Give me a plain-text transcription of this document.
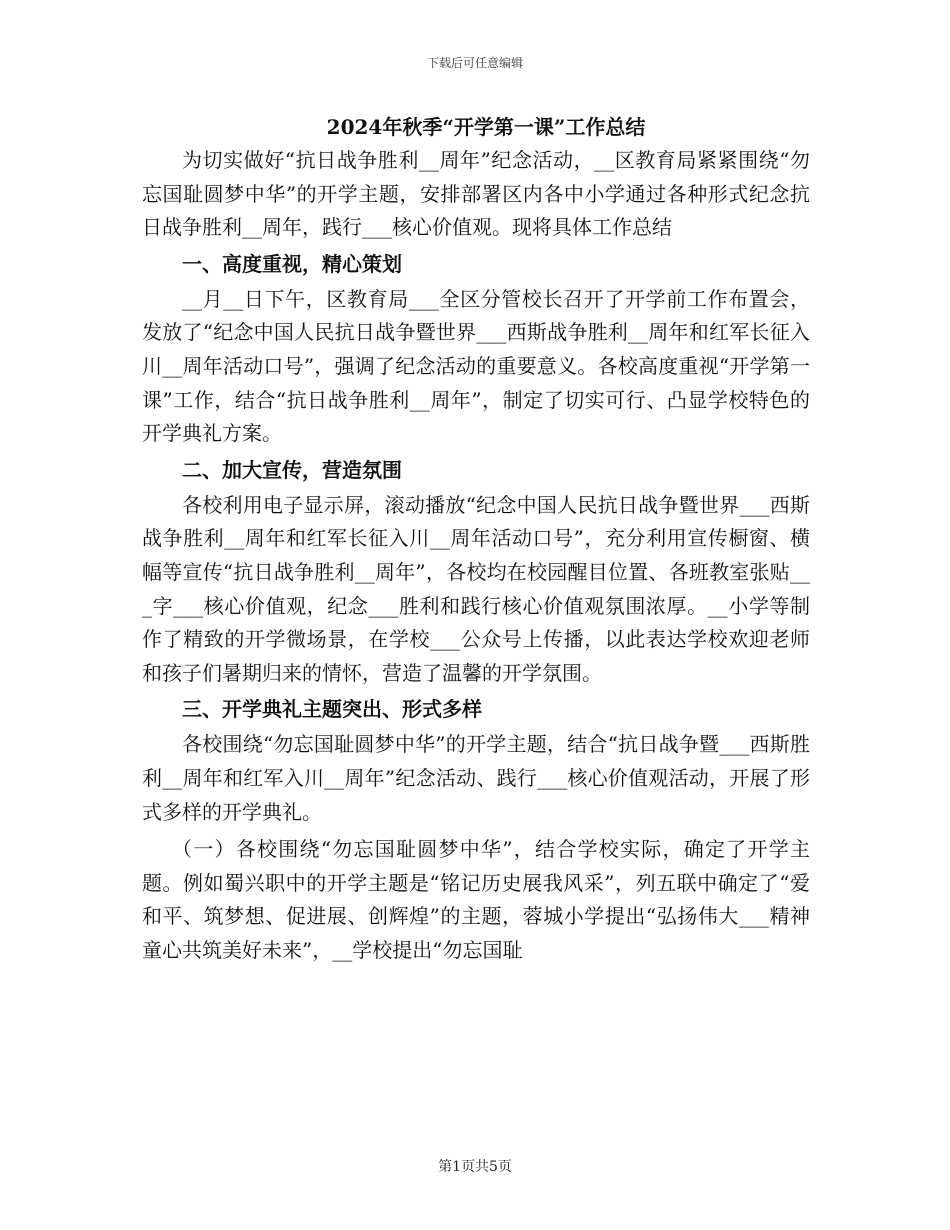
下载后可任意编辑
2024年秋季“开学第一课”工作总结

为切实做好“抗日战争胜利__周年”纪念活动，__区教育局紧紧围绕“勿忘国耻圆梦中华”的开学主题，安排部署区内各中小学通过各种形式纪念抗日战争胜利__周年，践行___核心价值观。现将具体工作总结

一、高度重视，精心策划

__月__日下午，区教育局___全区分管校长召开了开学前工作布置会，发放了“纪念中国人民抗日战争暨世界___西斯战争胜利__周年和红军长征入川__周年活动口号”，强调了纪念活动的重要意义。各校高度重视“开学第一课”工作，结合“抗日战争胜利__周年”，制定了切实可行、凸显学校特色的开学典礼方案。

二、加大宣传，营造氛围

各校利用电子显示屏，滚动播放“纪念中国人民抗日战争暨世界___西斯战争胜利__周年和红军长征入川__周年活动口号”，充分利用宣传橱窗、横幅等宣传“抗日战争胜利__周年”，各校均在校园醒目位置、各班教室张贴___字___核心价值观，纪念___胜利和践行核心价值观氛围浓厚。__小学等制作了精致的开学微场景，在学校___公众号上传播，以此表达学校欢迎老师和孩子们暑期归来的情怀，营造了温馨的开学氛围。

三、开学典礼主题突出、形式多样

各校围绕“勿忘国耻圆梦中华”的开学主题，结合“抗日战争暨___西斯胜利__周年和红军入川__周年”纪念活动、践行___核心价值观活动，开展了形式多样的开学典礼。

（一）各校围绕“勿忘国耻圆梦中华”，结合学校实际，确定了开学主题。例如蜀兴职中的开学主题是“铭记历史展我风采”，列五联中确定了“爱和平、筑梦想、促进展、创辉煌”的主题，蓉城小学提出“弘扬伟大___精神童心共筑美好未来”，__学校提出“勿忘国耻

第1页共5页
